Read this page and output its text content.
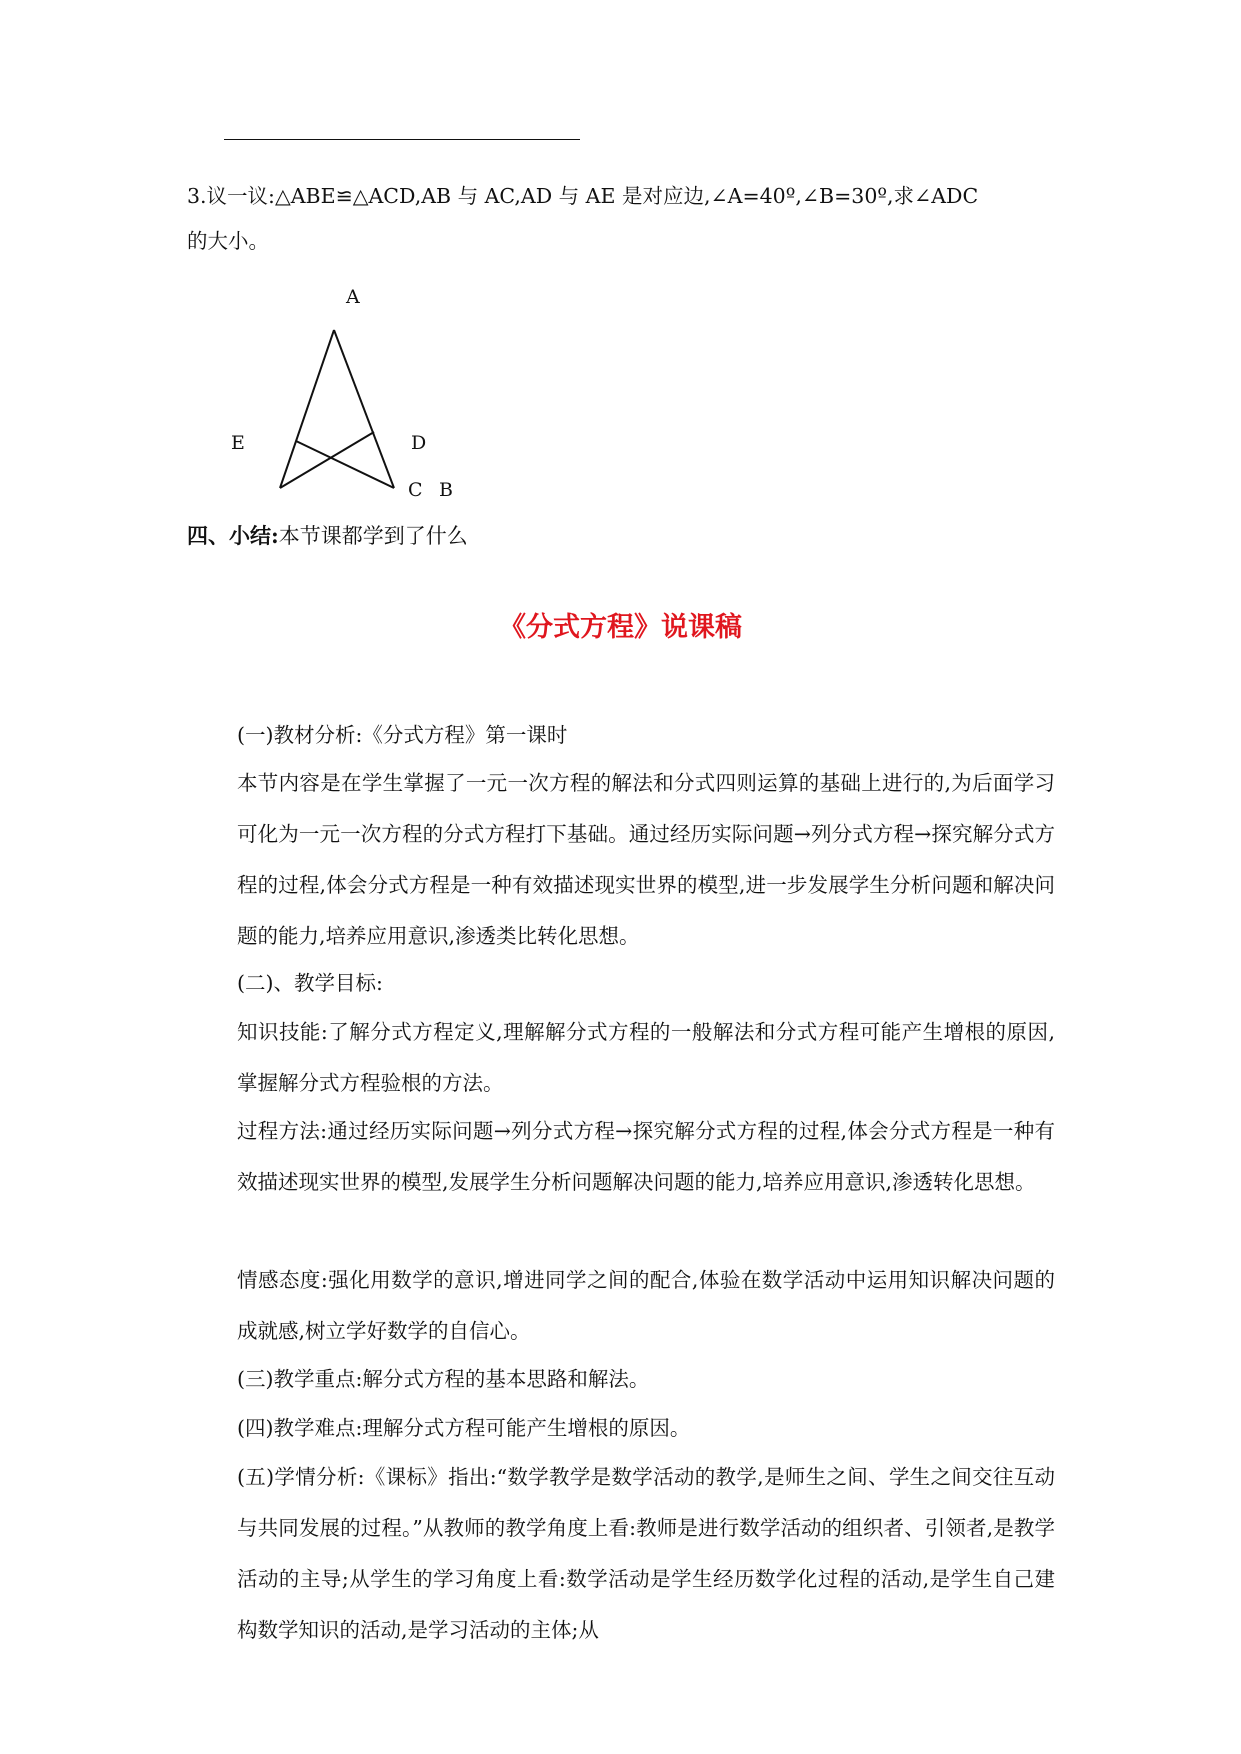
3.议一议:△ABE≌△ACD,AB 与 AC,AD 与 AE 是对应边,∠A=40º,∠B=30º,求∠ADC
的大小。

A
E	D
C B

四、小结:本节课都学到了什么

《分式方程》说课稿

(一)教材分析:《分式方程》第一课时

本节内容是在学生掌握了一元一次方程的解法和分式四则运算的基础上进行的,为后面学习可化为一元一次方程的分式方程打下基础。通过经历实际问题→列分式方程→探究解分式方程的过程,体会分式方程是一种有效描述现实世界的模型,进一步发展学生分析问题和解决问题的能力,培养应用意识,渗透类比转化思想。

(二)、教学目标:

知识技能:了解分式方程定义,理解解分式方程的一般解法和分式方程可能产生增根的原因,掌握解分式方程验根的方法。

过程方法:通过经历实际问题→列分式方程→探究解分式方程的过程,体会分式方程是一种有效描述现实世界的模型,发展学生分析问题解决问题的能力,培养应用意识,渗透转化思想。

情感态度:强化用数学的意识,增进同学之间的配合,体验在数学活动中运用知识解决问题的成就感,树立学好数学的自信心。

(三)教学重点:解分式方程的基本思路和解法。

(四)教学难点:理解分式方程可能产生增根的原因。

(五)学情分析:《课标》指出:“数学教学是数学活动的教学,是师生之间、学生之间交往互动与共同发展的过程。”从教师的教学角度上看:教师是进行数学活动的组织者、引领者,是教学活动的主导;从学生的学习角度上看:数学活动是学生经历数学化过程的活动,是学生自己建构数学知识的活动,是学习活动的主体;从
